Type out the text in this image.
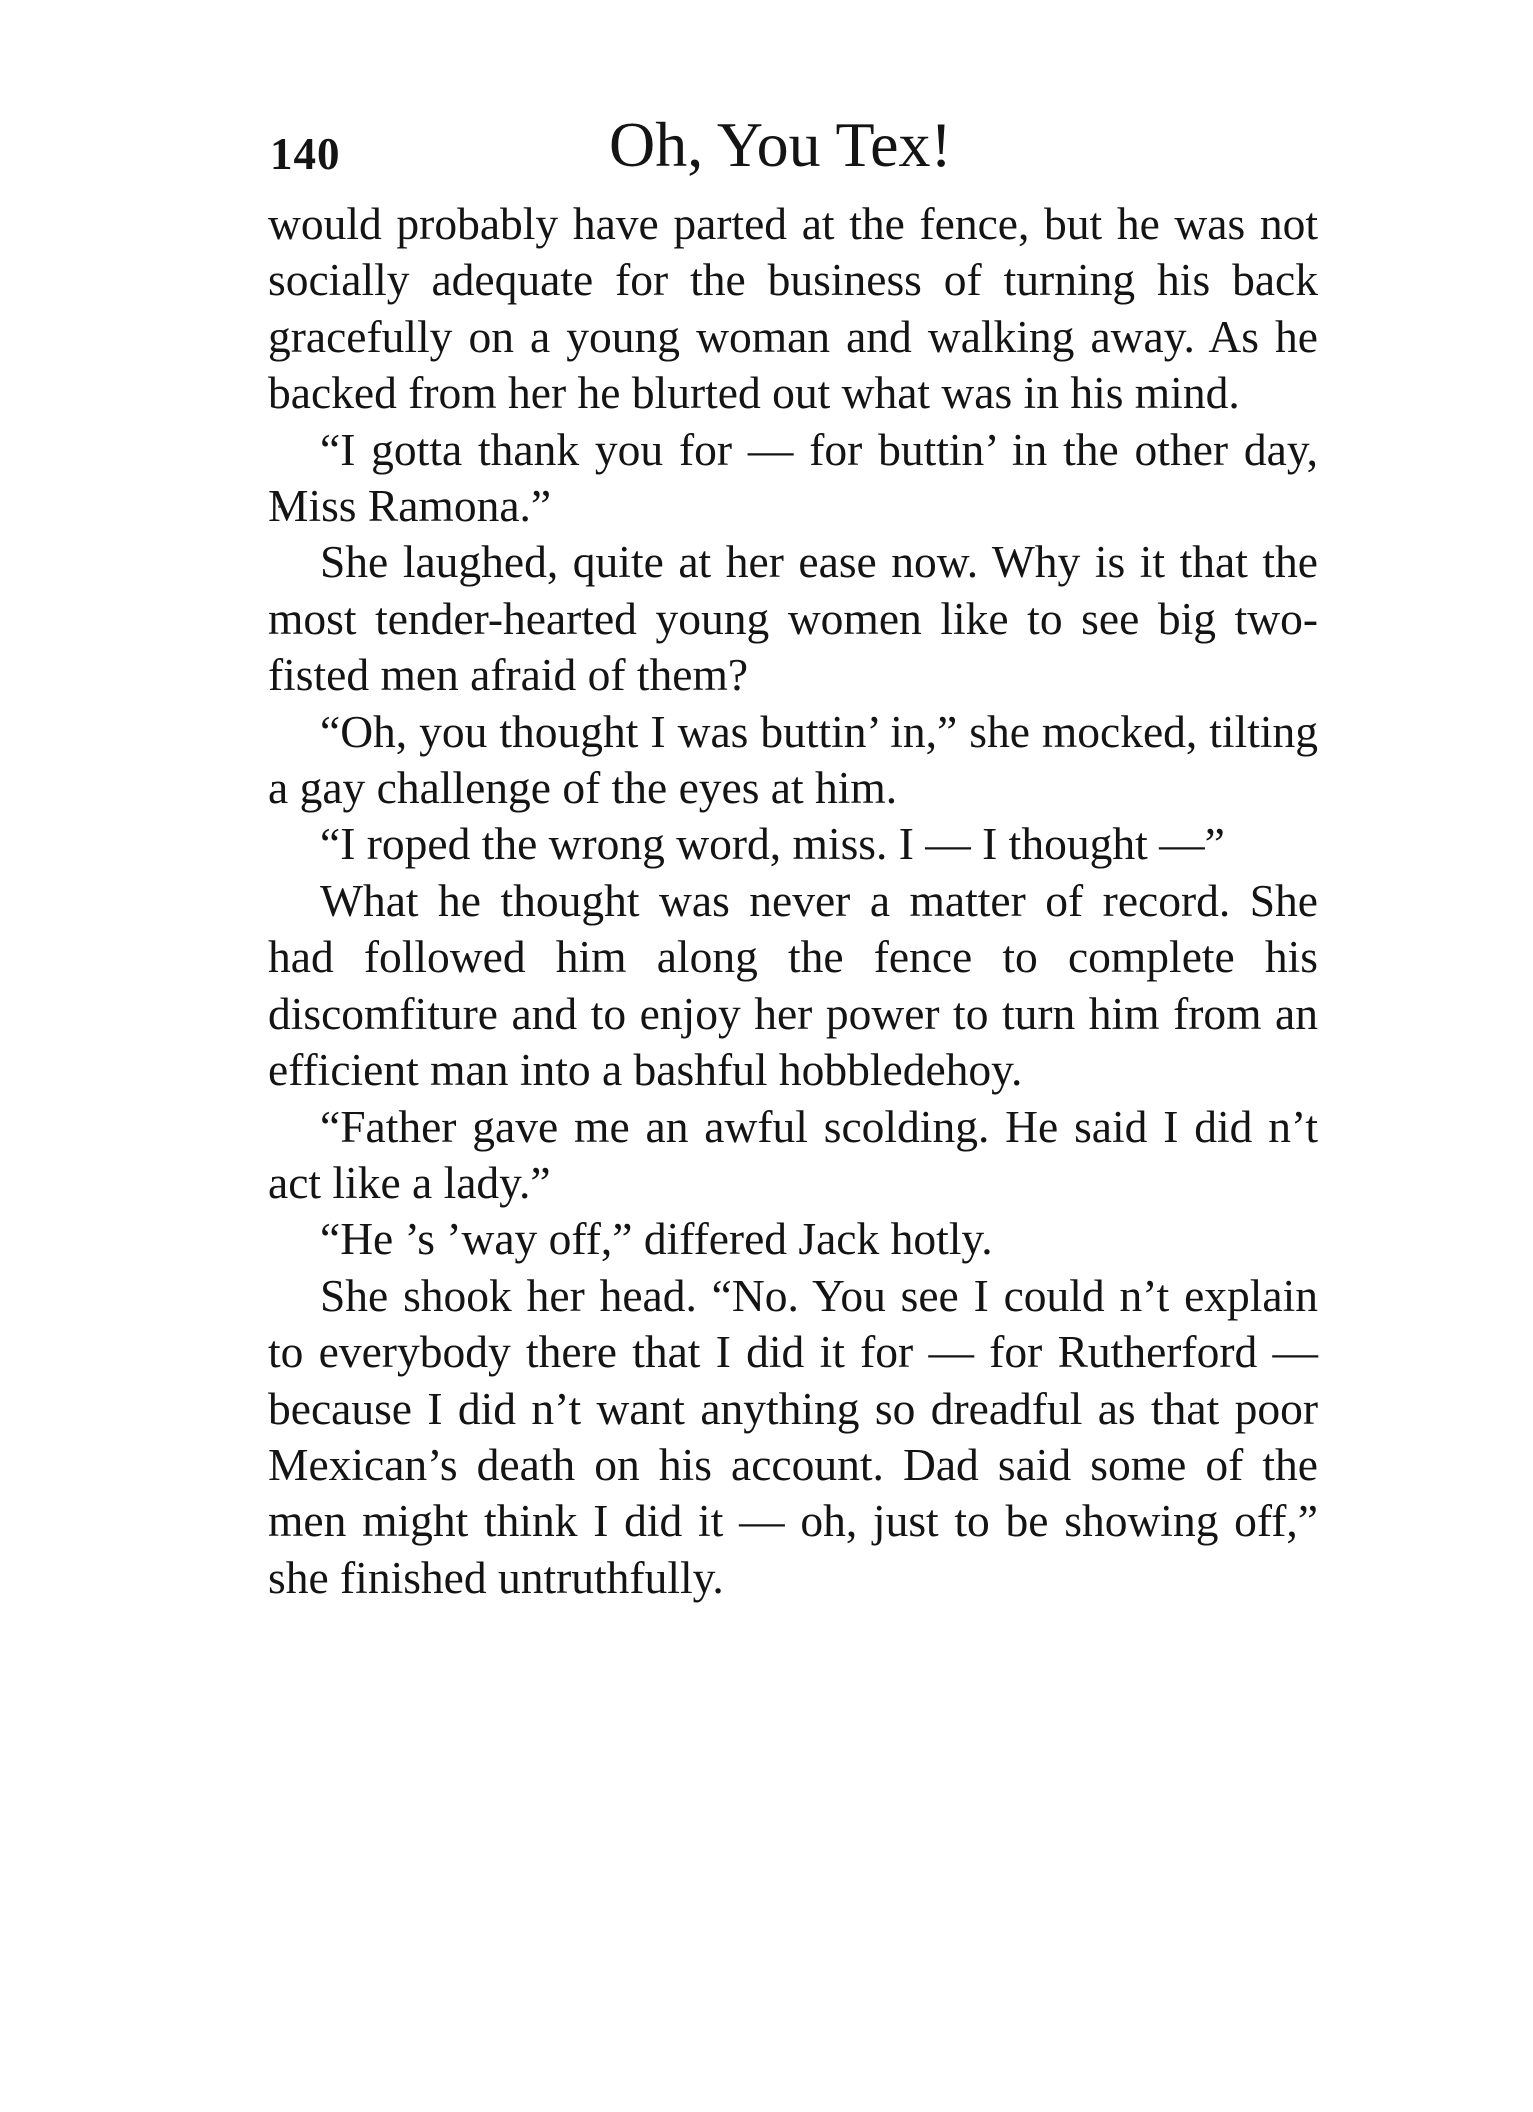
140	Oh, You Tex!

would probably have parted at the fence, but he was not socially adequate for the business of turning his back gracefully on a young woman and walking away. As he backed from her he blurted out what was in his mind.

“I gotta thank you for — for buttin’ in the other day, Miss Ramona.”

She laughed, quite at her ease now. Why is it that the most tender-hearted young women like to see big two-fisted men afraid of them?

“Oh, you thought I was buttin’ in,” she mocked, tilting a gay challenge of the eyes at him.

“I roped the wrong word, miss. I — I thought —”

What he thought was never a matter of record. She had followed him along the fence to complete his discomfiture and to enjoy her power to turn him from an efficient man into a bashful hobbledehoy.

“Father gave me an awful scolding. He said I did n’t act like a lady.”

“He ’s ’way off,” differed Jack hotly.

She shook her head. “No. You see I could n’t explain to everybody there that I did it for — for Rutherford — because I did n’t want anything so dreadful as that poor Mexican’s death on his account. Dad said some of the men might think I did it — oh, just to be showing off,” she finished untruthfully.
